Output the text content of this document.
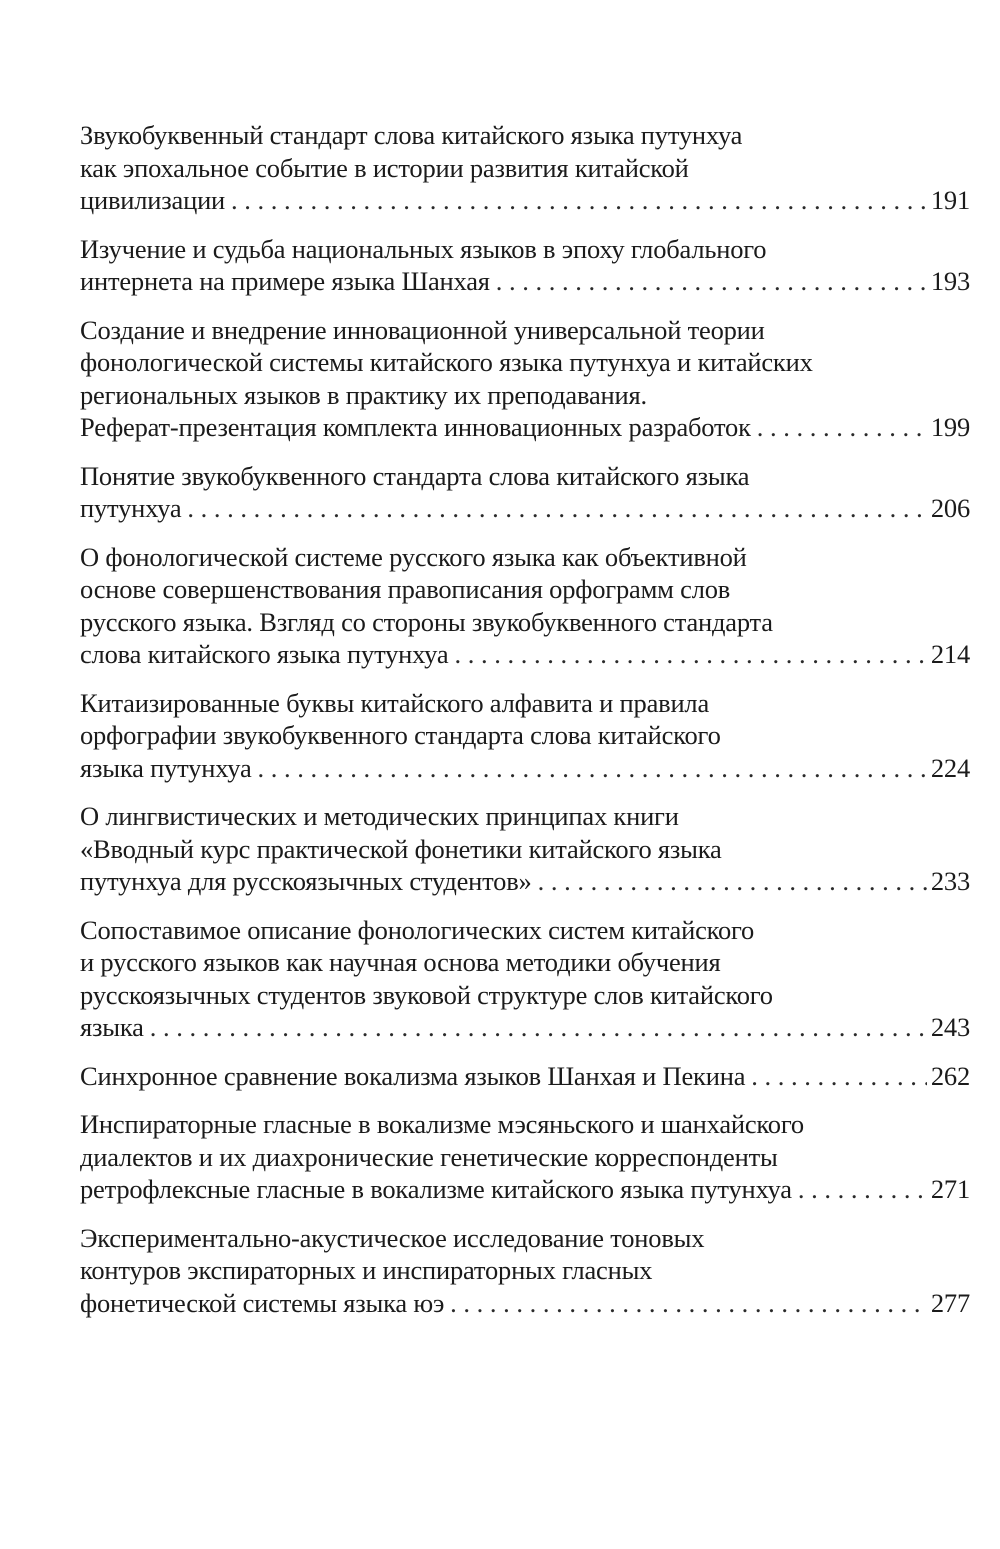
Звукобуквенный стандарт слова китайского языка путунхуа
как эпохальное событие в истории развития китайской
цивилизации . . .	191
Изучение и судьба национальных языков в эпоху глобального
интернета на примере языка Шанхая . . .	193
Создание и внедрение инновационной универсальной теории
фонологической системы китайского языка путунхуа и китайских
региональных языков в практику их преподавания.
Реферат-презентация комплекта инновационных разработок . . .	199
Понятие звукобуквенного стандарта слова китайского языка
путунхуа . . .	206
О фонологической системе русского языка как объективной
основе совершенствования правописания орфограмм слов
русского языка. Взгляд со стороны звукобуквенного стандарта
слова китайского языка путунхуа . . .	214
Китаизированные буквы китайского алфавита и правила
орфографии звукобуквенного стандарта слова китайского
языка путунхуа . . .	224
О лингвистических и методических принципах книги
«Вводный курс практической фонетики китайского языка
путунхуа для русскоязычных студентов» . . .	233
Сопоставимое описание фонологических систем китайского
и русского языков как научная основа методики обучения
русскоязычных студентов звуковой структуре слов китайского
языка . . .	243
Синхронное сравнение вокализма языков Шанхая и Пекина . . .	262
Инспираторные гласные в вокализме мэсяньского и шанхайского
диалектов и их диахронические генетические корреспонденты
ретрофлексные гласные в вокализме китайского языка путунхуа . . .	271
Экспериментально-акустическое исследование тоновых
контуров экспираторных и инспираторных гласных
фонетической системы языка юэ . . .	277
